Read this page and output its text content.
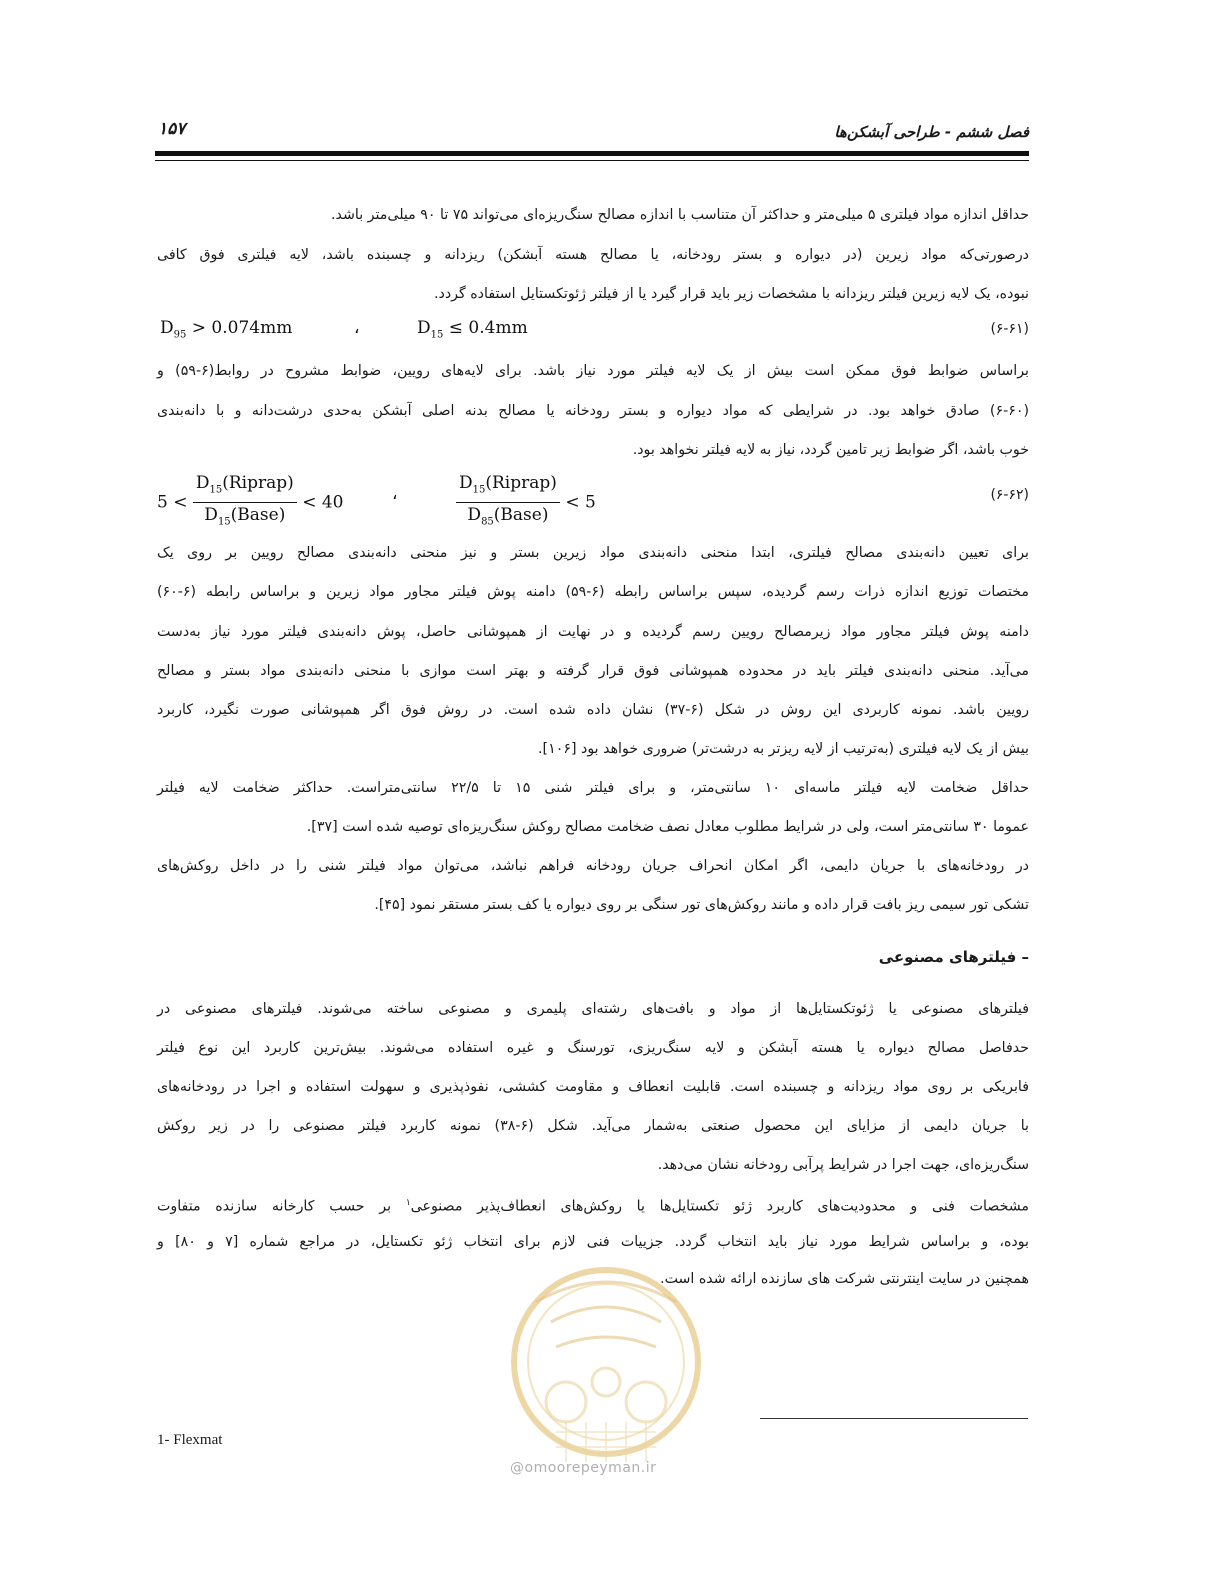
فصل ششم - طراحی آبشکن‌ها
۱۵۷
حداقل اندازه مواد فیلتری ۵ میلی‌متر و حداکثر آن متناسب با اندازه مصالح سنگ‌ریزه‌ای می‌تواند ۷۵ تا ۹۰ میلی‌متر باشد.
درصورتی‌که مواد زیرین (در دیواره و بستر رودخانه، یا مصالح هسته آبشکن) ریزدانه و چسبنده باشد، لایه فیلتری فوق کافی
نبوده، یک لایه زیرین فیلتر ریزدانه با مشخصات زیر باید قرار گیرد یا از فیلتر ژئوتکستایل استفاده گردد.
$D_{95} > 0.074mm$	،	$D_{15} \le 0.4mm$	(۶-۶۱)
براساس ضوابط فوق ممکن است بیش از یک لایه فیلتر مورد نیاز باشد. برای لایه‌های رویین، ضوابط مشروح در روابط(۶-۵۹) و
(۶-۶۰) صادق خواهد بود. در شرایطی که مواد دیواره و بستر رودخانه یا مصالح بدنه اصلی آبشکن به‌حدی درشت‌دانه و با دانه‌بندی
خوب باشد، اگر ضوابط زیر تامین گردد، نیاز به لایه فیلتر نخواهد بود.
$5 < \frac{D_{15}(Riprap)}{D_{15}(Base)} < 40$	،	$\frac{D_{15}(Riprap)}{D_{85}(Base)} < 5$	(۶-۶۲)
برای تعیین دانه‌بندی مصالح فیلتری، ابتدا منحنی دانه‌بندی مواد زیرین بستر و نیز منحنی دانه‌بندی مصالح رویین بر روی یک
مختصات توزیع اندازه ذرات رسم گردیده، سپس براساس رابطه (۶-۵۹) دامنه پوش فیلتر مجاور مواد زیرین و براساس رابطه (۶-۶۰)
دامنه پوش فیلتر مجاور مواد زیرمصالح رویین رسم گردیده و در نهایت از همپوشانی حاصل، پوش دانه‌بندی فیلتر مورد نیاز به‌دست
می‌آید. منحنی دانه‌بندی فیلتر باید در محدوده همپوشانی فوق قرار گرفته و بهتر است موازی با منحنی دانه‌بندی مواد بستر و مصالح
رویین باشد. نمونه کاربردی این روش در شکل (۶-۳۷) نشان داده شده است. در روش فوق اگر همپوشانی صورت نگیرد، کاربرد
بیش از یک لایه فیلتری (به‌ترتیب از لایه ریزتر به درشت‌تر) ضروری خواهد بود [۱۰۶].
حداقل ضخامت لایه فیلتر ماسه‌ای ۱۰ سانتی‌متر، و برای فیلتر شنی ۱۵ تا ۲۲/۵ سانتی‌متراست. حداکثر ضخامت لایه فیلتر
عموما ۳۰ سانتی‌متر است، ولی در شرایط مطلوب معادل نصف ضخامت مصالح روکش سنگ‌ریزه‌ای توصیه شده است [۳۷].
در رودخانه‌های با جریان دایمی، اگر امکان انحراف جریان رودخانه فراهم نباشد، می‌توان مواد فیلتر شنی را در داخل روکش‌های
تشکی تور سیمی ریز بافت قرار داده و مانند روکش‌های تور سنگی بر روی دیواره یا کف بستر مستقر نمود [۴۵].
– فیلترهای مصنوعی
فیلترهای مصنوعی یا ژئوتکستایل‌ها از مواد و بافت‌های رشته‌ای پلیمری و مصنوعی ساخته می‌شوند. فیلترهای مصنوعی در
حدفاصل مصالح دیواره یا هسته آبشکن و لایه سنگ‌ریزی، تورسنگ و غیره استفاده می‌شوند. بیش‌ترین کاربرد این نوع فیلتر
فابریکی بر روی مواد ریزدانه و چسبنده است. قابلیت انعطاف و مقاومت کششی، نفوذپذیری و سهولت استفاده و اجرا در رودخانه‌های
با جریان دایمی از مزایای این محصول صنعتی به‌شمار می‌آید. شکل (۶-۳۸) نمونه کاربرد فیلتر مصنوعی را در زیر روکش
سنگ‌ریزه‌ای، جهت اجرا در شرایط پرآبی رودخانه نشان می‌دهد.
مشخصات فنی و محدودیت‌های کاربرد ژئو تکستایل‌ها یا روکش‌های انعطاف‌پذیر مصنوعی$^۱$ بر حسب کارخانه سازنده متفاوت
بوده، و براساس شرایط مورد نیاز باید انتخاب گردد. جزییات فنی لازم برای انتخاب ژئو تکستایل، در مراجع شماره [۷ و ۸۰] و
همچنین در سایت اینترنتی شرکت های سازنده ارائه شده است.
1- Flexmat
@omoorepeyman.ir
